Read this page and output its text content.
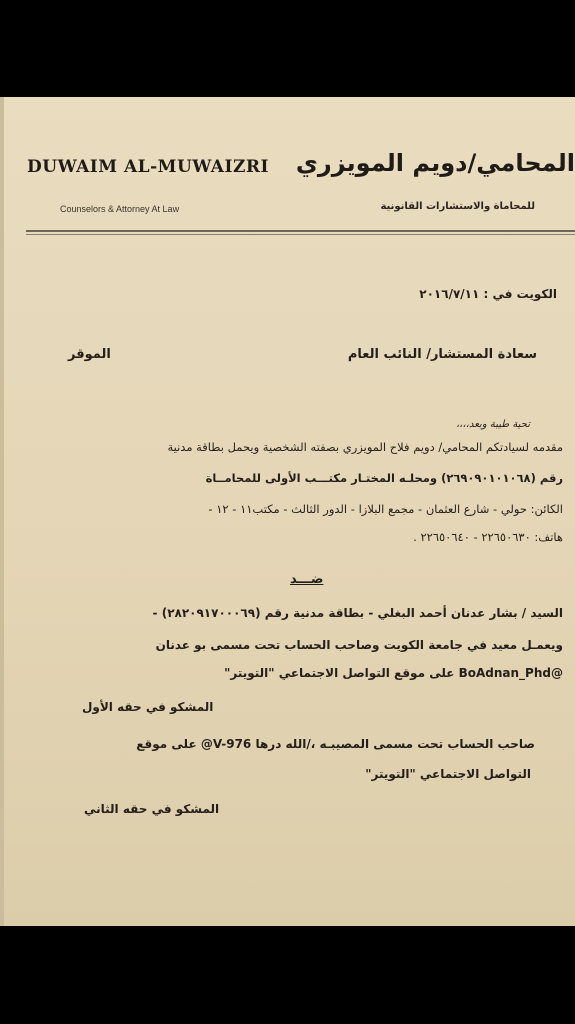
DUWAIM AL-MUWAIZRI
Counselors & Attorney At Law
المحامي/دويم المويزري
للمحاماة والاستشارات القانونية
الكويت في : ٢٠١٦/٧/١١
سعادة المستشار/ النائب العام
الموقر
تحية طيبة وبعد،،،،
مقدمه لسيادتكم المحامي/ دويم فلاح المويزري بصفته الشخصية ويحمل بطاقة مدنية
رقم (٢٦٩٠٩٠١٠١٠٦٨) ومحلـه المختـار مكتـــب الأولى للمحامــاة
الكائن: حولي - شارع العثمان - مجمع البلازا - الدور الثالث - مكتب١١ - ١٢ -
هاتف: ٢٢٦٥٠٦٣٠ - ٢٢٦٥٠٦٤٠ .
ضـــد
السيد / بشار عدنان أحمد البغلي - بطاقة مدنية رقم (٢٨٢٠٩١٧٠٠٠٦٩) -
ويعمـل معيد في جامعة الكويت وصاحب الحساب تحت مسمى بو عدنان
@BoAdnan_Phd على موقع التواصل الاجتماعي "التويتر"
المشكو في حقه الأول
صاحب الحساب تحت مسمى المصيبـه ،/الله درها V-976@ على موقع
التواصل الاجتماعي "التويتر"
المشكو في حقه الثاني
